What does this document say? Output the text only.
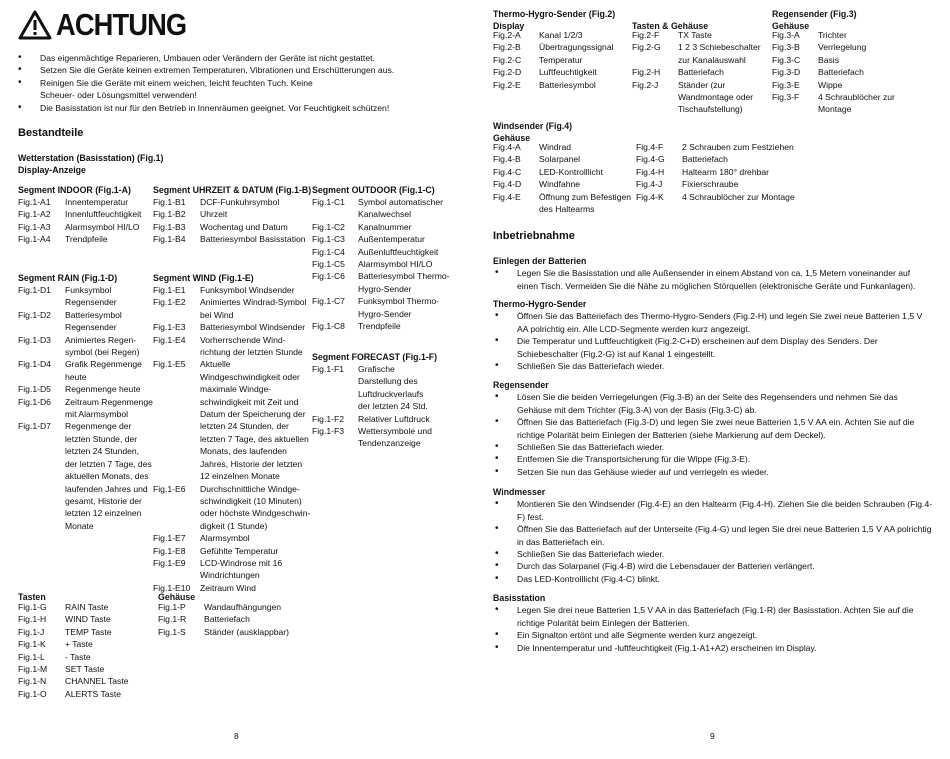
ACHTUNG
• Das eigenmächtige Reparieren, Umbauen oder Verändern der Geräte ist nicht gestattet.
• Setzen Sie die Geräte keinen extremen Temperaturen, Vibrationen und Erschütterungen aus.
• Reinigen Sie die Geräte mit einem weichen, leicht feuchten Tuch. Keine Scheuer- oder Lösungsmittel verwenden!
• Die Basisstation ist nur für den Betrieb in Innenräumen geeignet. Vor Feuchtigkeit schützen!
Bestandteile
Wetterstation (Basisstation) (Fig.1)
Display-Anzeige
Segment INDOOR (Fig.1-A)
Fig.1-A1	Innentemperatur
Fig.1-A2	Innenluftfeuchtigkeit
Fig.1-A3	Alarmsymbol HI/LO
Fig.1-A4	Trendpfeile
Segment UHRZEIT & DATUM (Fig.1-B)
Fig.1-B1	DCF-Funkuhrsymbol
Fig.1-B2	Uhrzeit
Fig.1-B3	Wochentag und Datum
Fig.1-B4	Batteriesymbol Basisstation
Segment OUTDOOR (Fig.1-C)
Fig.1-C1	Symbol automatischer Kanalwechsel
Fig.1-C2	Kanalnummer
Fig.1-C3	Außentemperatur
Fig.1-C4	Außenluftfeuchtigkeit
Fig.1-C5	Alarmsymbol HI/LO
Fig.1-C6	Batteriesymbol Thermo-Hygro-Sender
Fig.1-C7	Funksymbol Thermo-Hygro-Sender
Fig.1-C8	Trendpfeile
Segment RAIN (Fig.1-D)
Fig.1-D1	Funksymbol Regensender
Fig.1-D2	Batteriesymbol Regensender
Fig.1-D3	Animiertes Regen-symbol (bei Regen)
Fig.1-D4	Grafik Regenmenge heute
Fig.1-D5	Regenmenge heute
Fig.1-D6	Zeitraum Regenmenge mit Alarmsymbol
Fig.1-D7	Regenmenge der letzten Stunde, der letzten 24 Stunden, der letzten 7 Tage, des aktuellen Monats, des laufenden Jahres und gesamt, Historie der letzten 12 einzelnen Monate
Segment WIND (Fig.1-E)
Fig.1-E1	Funksymbol Windsender
Fig.1-E2	Animiertes Windrad-Symbol bei Wind
Fig.1-E3	Batteriesymbol Windsender
Fig.1-E4	Vorherrschende Wind-richtung der letzten Stunde
Fig.1-E5	Aktuelle Windgeschwindigkeit oder maximale Windge-schwindigkeit mit Zeit und Datum der Speicherung der letzten 24 Stunden, der letzten 7 Tage, des aktuellen Monats, des laufenden Jahres, Historie der letzten 12 einzelnen Monate
Fig.1-E6	Durchschnittliche Windge-schwindigkeit (10 Minuten) oder höchste Windgeschwin-digkeit (1 Stunde)
Fig.1-E7	Alarmsymbol
Fig.1-E8	Gefühlte Temperatur
Fig.1-E9	LCD-Windrose mit 16 Windrichtungen
Fig.1-E10	Zeitraum Wind
Segment FORECAST (Fig.1-F)
Fig.1-F1	Grafische Darstellung des Luftdruckverlaufs der letzten 24 Std.
Fig.1-F2	Relativer Luftdruck
Fig.1-F3	Wettersymbole und Tendenzanzeige
Tasten
Fig.1-G	RAIN Taste
Fig.1-H	WIND Taste
Fig.1-J	TEMP Taste
Fig.1-K	+ Taste
Fig.1-L	- Taste
Fig.1-M	SET Taste
Fig.1-N	CHANNEL Taste
Fig.1-O	ALERTS Taste
Gehäuse
Fig.1-P	Wandaufhängungen
Fig.1-R	Batteriefach
Fig.1-S	Ständer (ausklappbar)
8
Thermo-Hygro-Sender (Fig.2)
Display
Fig.2-A	Kanal 1/2/3
Fig.2-B	Übertragungssignal
Fig.2-C	Temperatur
Fig.2-D	Luftfeuchtigkeit
Fig.2-E	Batteriesymbol
Tasten & Gehäuse
Fig.2-F	TX Taste
Fig.2-G	1 2 3 Schiebeschalter zur Kanalauswahl
Fig.2-H	Batteriefach
Fig.2-J	Ständer (zur Wandmontage oder Tischaufstellung)
Regensender (Fig.3)
Gehäuse
Fig.3-A	Trichter
Fig.3-B	Verriegelung
Fig.3-C	Basis
Fig.3-D	Batteriefach
Fig.3-E	Wippe
Fig.3-F	4 Schraublöcher zur Montage
Windsender (Fig.4)
Gehäuse
Fig.4-A	Windrad
Fig.4-B	Solarpanel
Fig.4-C	LED-Kontrolllicht
Fig.4-D	Windfahne
Fig.4-E	Öffnung zum Befestigen des Haltearms
Fig.4-F	2 Schrauben zum Festziehen
Fig.4-G	Batteriefach
Fig.4-H	Haltearm 180° drehbar
Fig.4-J	Fixierschraube
Fig.4-K	4 Schraublöcher zur Montage
Inbetriebnahme
Einlegen der Batterien
• Legen Sie die Basisstation und alle Außensender in einem Abstand von ca. 1,5 Metern voneinander auf einen Tisch. Vermeiden Sie die Nähe zu möglichen Störquellen (elektronische Geräte und Funkanlagen).
Thermo-Hygro-Sender
• Öffnen Sie das Batteriefach des Thermo-Hygro-Senders (Fig.2-H) und legen Sie zwei neue Batterien 1,5 V AA polrichtig ein. Alle LCD-Segmente werden kurz angezeigt.
• Die Temperatur und Luftfeuchtigkeit (Fig.2-C+D) erscheinen auf dem Display des Senders. Der Schiebeschalter (Fig.2-G) ist auf Kanal 1 eingestellt.
• Schließen Sie das Batteriefach wieder.
Regensender
• Lösen Sie die beiden Verriegelungen (Fig.3-B) an der Seite des Regensenders und nehmen Sie das Gehäuse mit dem Trichter (Fig.3-A) von der Basis (Fig.3-C) ab.
• Öffnen Sie das Batteriefach (Fig.3-D) und legen Sie zwei neue Batterien 1,5 V AA ein. Achten Sie auf die richtige Polarität beim Einlegen der Batterien (siehe Markierung auf dem Deckel).
• Schließen Sie das Batteriefach wieder.
• Entfernen Sie die Transportsicherung für die Wippe (Fig.3-E).
• Setzen Sie nun das Gehäuse wieder auf und verriegeln es wieder.
Windmesser
• Montieren Sie den Windsender (Fig.4-E) an den Haltearm (Fig.4-H). Ziehen Sie die beiden Schrauben (Fig.4-F) fest.
• Öffnen Sie das Batteriefach auf der Unterseite (Fig.4-G) und legen Sie drei neue Batterien 1,5 V AA polrichtig in das Batteriefach ein.
• Schließen Sie das Batteriefach wieder.
• Durch das Solarpanel (Fig.4-B) wird die Lebensdauer der Batterien verlängert.
• Das LED-Kontrolllicht (Fig.4-C) blinkt.
Basisstation
• Legen Sie drei neue Batterien 1,5 V AA in das Batteriefach (Fig.1-R) der Basisstation. Achten Sie auf die richtige Polarität beim Einlegen der Batterien.
• Ein Signalton ertönt und alle Segmente werden kurz angezeigt.
• Die Innentemperatur und -luftfeuchtigkeit (Fig.1-A1+A2) erscheinen im Display.
9
